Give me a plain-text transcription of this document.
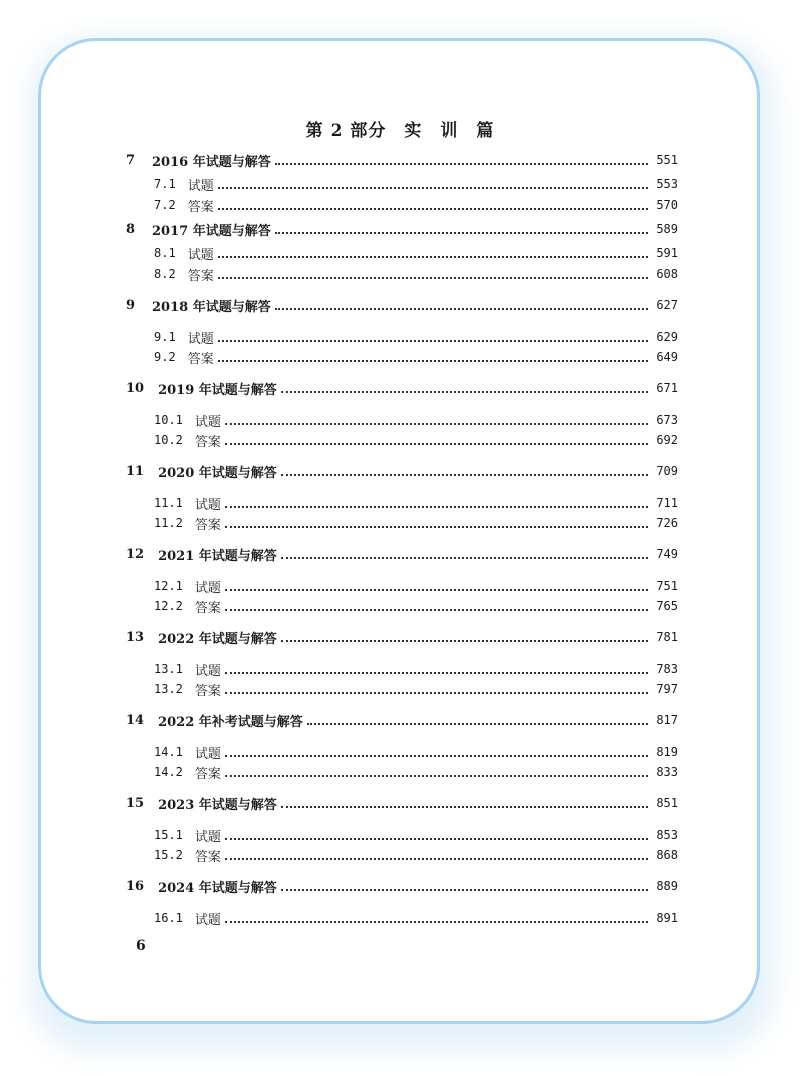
第 2 部分　实　训　篇
7 2016 年试题与解答	551
7.1 试题	553
7.2 答案	570
8 2017 年试题与解答	589
8.1 试题	591
8.2 答案	608
9 2018 年试题与解答	627
9.1 试题	629
9.2 答案	649
10 2019 年试题与解答	671
10.1 试题	673
10.2 答案	692
11 2020 年试题与解答	709
11.1 试题	711
11.2 答案	726
12 2021 年试题与解答	749
12.1 试题	751
12.2 答案	765
13 2022 年试题与解答	781
13.1 试题	783
13.2 答案	797
14 2022 年补考试题与解答	817
14.1 试题	819
14.2 答案	833
15 2023 年试题与解答	851
15.1 试题	853
15.2 答案	868
16 2024 年试题与解答	889
16.1 试题	891
6
